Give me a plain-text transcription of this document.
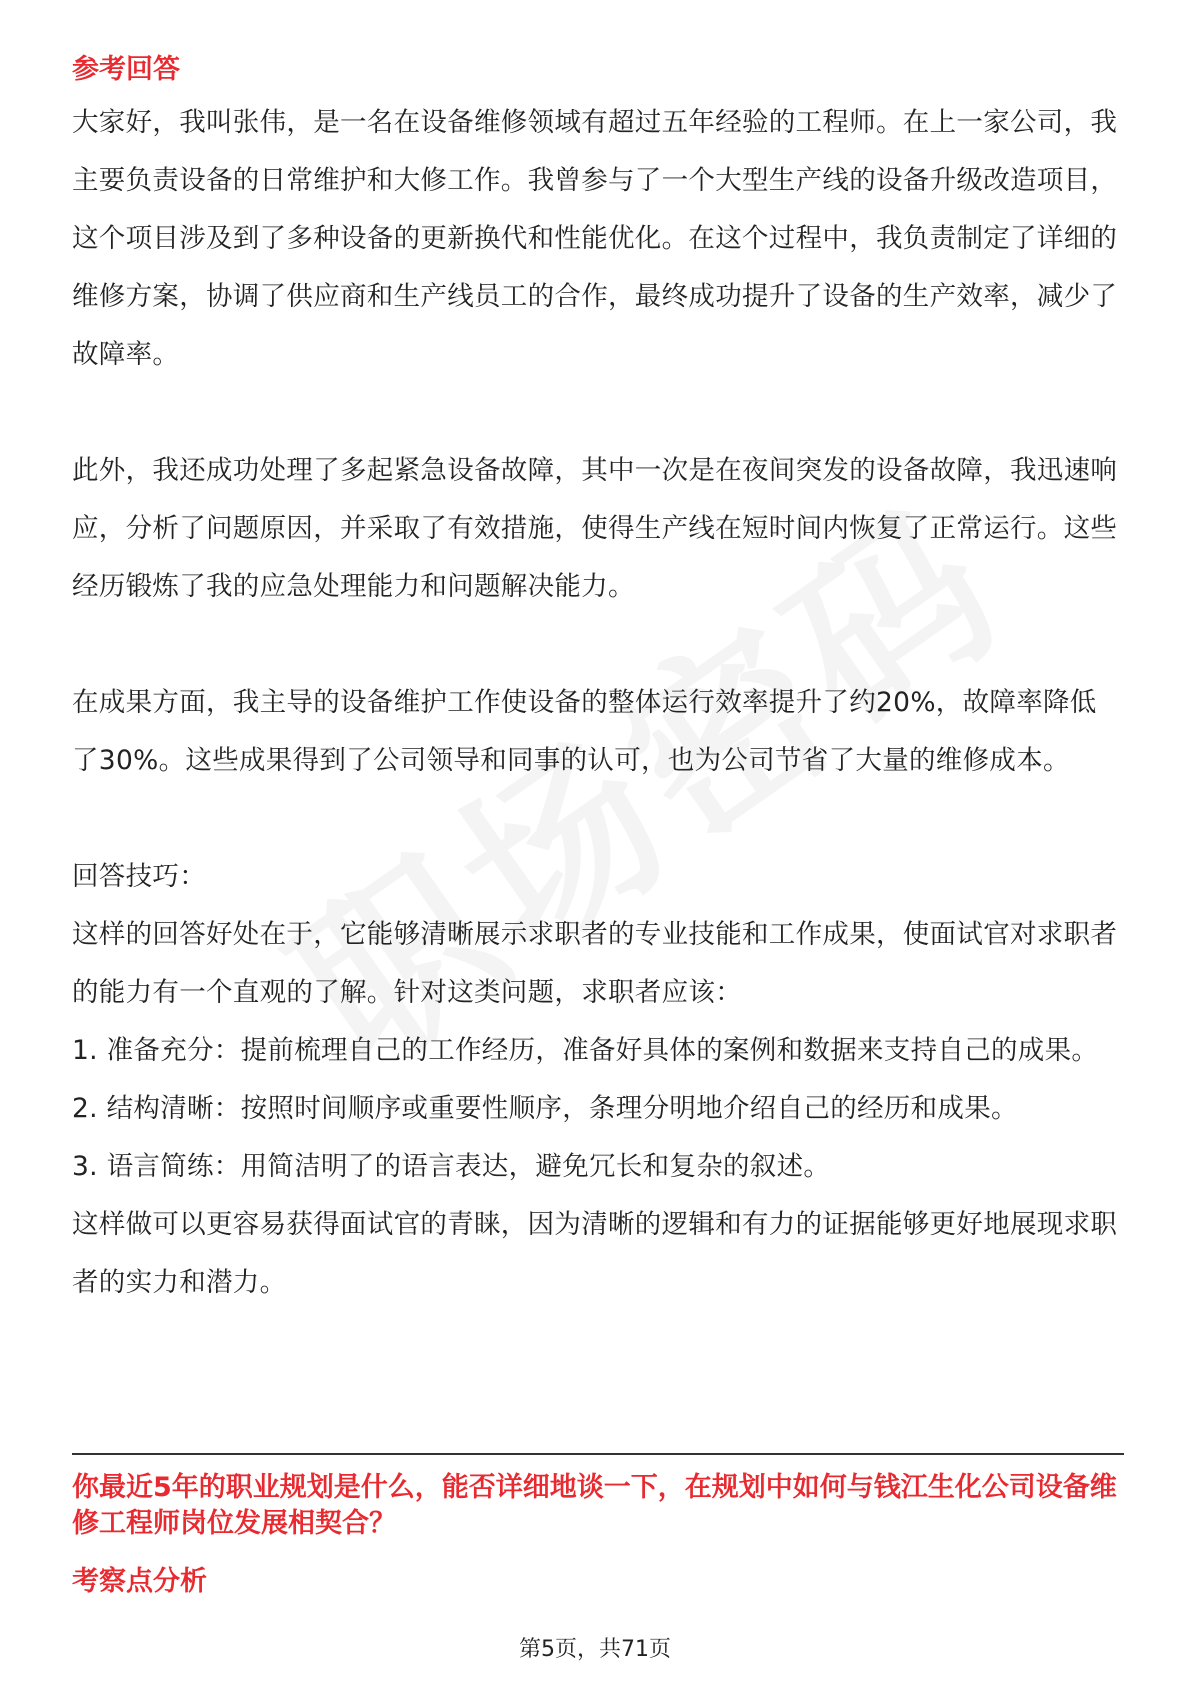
参考回答

大家好，我叫张伟，是一名在设备维修领域有超过五年经验的工程师。在上一家公司，我主要负责设备的日常维护和大修工作。我曾参与了一个大型生产线的设备升级改造项目，这个项目涉及到了多种设备的更新换代和性能优化。在这个过程中，我负责制定了详细的维修方案，协调了供应商和生产线员工的合作，最终成功提升了设备的生产效率，减少了故障率。

此外，我还成功处理了多起紧急设备故障，其中一次是在夜间突发的设备故障，我迅速响应，分析了问题原因，并采取了有效措施，使得生产线在短时间内恢复了正常运行。这些经历锻炼了我的应急处理能力和问题解决能力。

在成果方面，我主导的设备维护工作使设备的整体运行效率提升了约20%，故障率降低了30%。这些成果得到了公司领导和同事的认可，也为公司节省了大量的维修成本。

回答技巧：

这样的回答好处在于，它能够清晰展示求职者的专业技能和工作成果，使面试官对求职者的能力有一个直观的了解。针对这类问题，求职者应该：

1. 准备充分：提前梳理自己的工作经历，准备好具体的案例和数据来支持自己的成果。

2. 结构清晰：按照时间顺序或重要性顺序，条理分明地介绍自己的经历和成果。

3. 语言简练：用简洁明了的语言表达，避免冗长和复杂的叙述。

这样做可以更容易获得面试官的青睐，因为清晰的逻辑和有力的证据能够更好地展现求职者的实力和潜力。

你最近5年的职业规划是什么，能否详细地谈一下，在规划中如何与钱江生化公司设备维修工程师岗位发展相契合？
考察点分析
第5页，共71页
